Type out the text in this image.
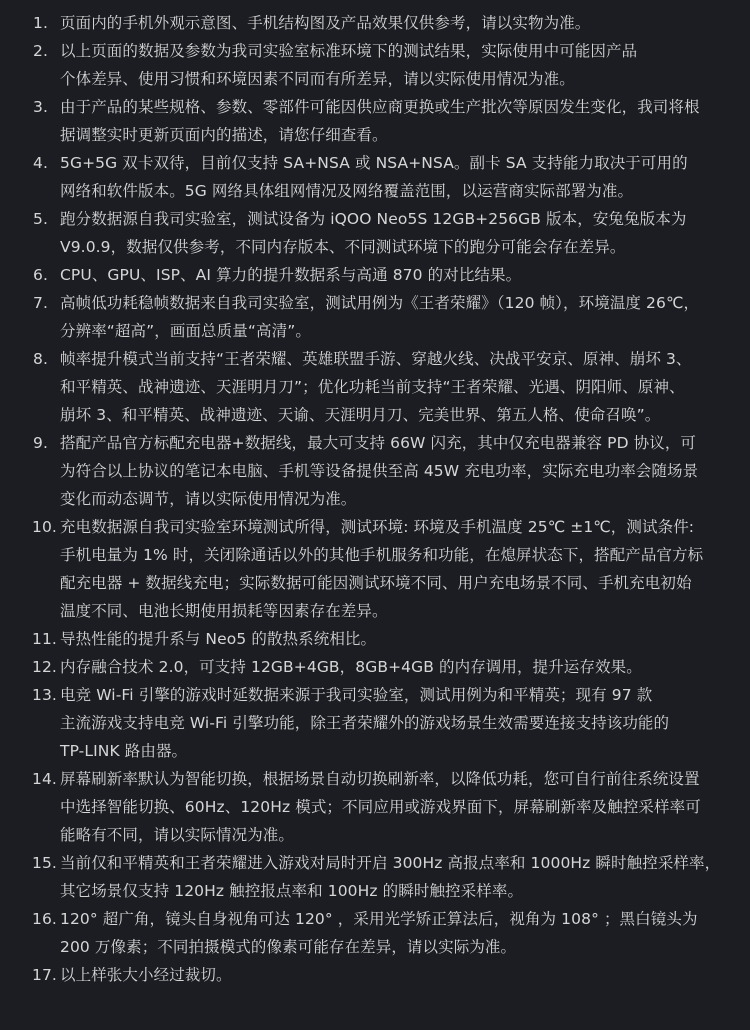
1. 页面内的手机外观示意图、手机结构图及产品效果仅供参考，请以实物为准。
2. 以上页面的数据及参数为我司实验室标准环境下的测试结果，实际使用中可能因产品
个体差异、使用习惯和环境因素不同而有所差异，请以实际使用情况为准。
3. 由于产品的某些规格、参数、零部件可能因供应商更换或生产批次等原因发生变化，我司将根
据调整实时更新页面内的描述，请您仔细查看。
4. 5G+5G 双卡双待，目前仅支持 SA+NSA 或 NSA+NSA。副卡 SA 支持能力取决于可用的
网络和软件版本。5G 网络具体组网情况及网络覆盖范围，以运营商实际部署为准。
5. 跑分数据源自我司实验室，测试设备为 iQOO Neo5S 12GB+256GB 版本，安兔兔版本为
V9.0.9，数据仅供参考，不同内存版本、不同测试环境下的跑分可能会存在差异。
6. CPU、GPU、ISP、AI 算力的提升数据系与高通 870 的对比结果。
7. 高帧低功耗稳帧数据来自我司实验室，测试用例为《王者荣耀》（120 帧），环境温度 26℃，
分辨率“超高”，画面总质量“高清”。
8. 帧率提升模式当前支持“王者荣耀、英雄联盟手游、穿越火线、决战平安京、原神、崩坏 3、
和平精英、战神遗迹、天涯明月刀”；优化功耗当前支持“王者荣耀、光遇、阴阳师、原神、
崩坏 3、和平精英、战神遗迹、天谕、天涯明月刀、完美世界、第五人格、使命召唤”。
9. 搭配产品官方标配充电器+数据线，最大可支持 66W 闪充，其中仅充电器兼容 PD 协议，可
为符合以上协议的笔记本电脑、手机等设备提供至高 45W 充电功率，实际充电功率会随场景
变化而动态调节，请以实际使用情况为准。
10. 充电数据源自我司实验室环境测试所得，测试环境: 环境及手机温度 25℃ ±1℃，测试条件:
手机电量为 1% 时，关闭除通话以外的其他手机服务和功能，在熄屏状态下，搭配产品官方标
配充电器 + 数据线充电；实际数据可能因测试环境不同、用户充电场景不同、手机充电初始
温度不同、电池长期使用损耗等因素存在差异。
11. 导热性能的提升系与 Neo5 的散热系统相比。
12. 内存融合技术 2.0，可支持 12GB+4GB，8GB+4GB 的内存调用，提升运存效果。
13. 电竞 Wi-Fi 引擎的游戏时延数据来源于我司实验室，测试用例为和平精英；现有 97 款
主流游戏支持电竞 Wi-Fi 引擎功能，除王者荣耀外的游戏场景生效需要连接支持该功能的
TP-LINK 路由器。
14. 屏幕刷新率默认为智能切换，根据场景自动切换刷新率，以降低功耗，您可自行前往系统设置
中选择智能切换、60Hz、120Hz 模式；不同应用或游戏界面下，屏幕刷新率及触控采样率可
能略有不同，请以实际情况为准。
15. 当前仅和平精英和王者荣耀进入游戏对局时开启 300Hz 高报点率和 1000Hz 瞬时触控采样率，
其它场景仅支持 120Hz 触控报点率和 100Hz 的瞬时触控采样率。
16. 120° 超广角，镜头自身视角可达 120° ，采用光学矫正算法后，视角为 108° ；黑白镜头为
200 万像素；不同拍摄模式的像素可能存在差异，请以实际为准。
17. 以上样张大小经过裁切。
